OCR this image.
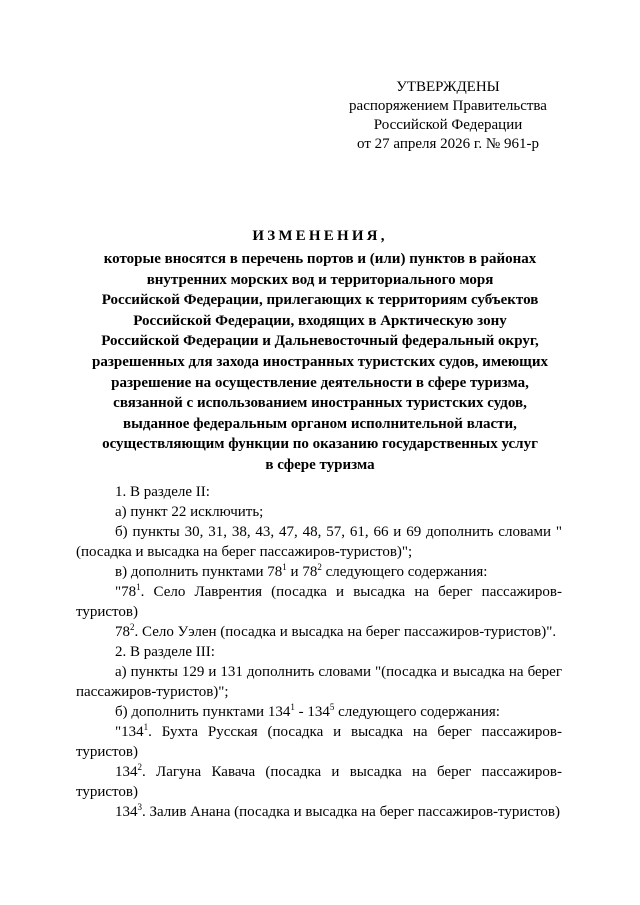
УТВЕРЖДЕНЫ
распоряжением Правительства
Российской Федерации
от 27 апреля 2026 г. № 961-р
ИЗМЕНЕНИЯ,
которые вносятся в перечень портов и (или) пунктов в районах
внутренних морских вод и территориального моря
Российской Федерации, прилегающих к территориям субъектов
Российской Федерации, входящих в Арктическую зону
Российской Федерации и Дальневосточный федеральный округ,
разрешенных для захода иностранных туристских судов, имеющих
разрешение на осуществление деятельности в сфере туризма,
связанной с использованием иностранных туристских судов,
выданное федеральным органом исполнительной власти,
осуществляющим функции по оказанию государственных услуг
в сфере туризма

1. В разделе II:

а) пункт 22 исключить;

б) пункты 30, 31, 38, 43, 47, 48, 57, 61, 66 и 69 дополнить словами "(посадка и высадка на берег пассажиров-туристов)";

в) дополнить пунктами $78^1$ и $78^2$ следующего содержания:

"$78^1$. Село Лаврентия (посадка и высадка на берег пассажиров-туристов)

$78^2$. Село Уэлен (посадка и высадка на берег пассажиров-туристов)".

2. В разделе III:

а) пункты 129 и 131 дополнить словами "(посадка и высадка на берег пассажиров-туристов)";

б) дополнить пунктами $134^1 - 134^5$ следующего содержания:

"$134^1$. Бухта Русская (посадка и высадка на берег пассажиров-туристов)

$134^2$. Лагуна Кавача (посадка и высадка на берег пассажиров-туристов)

$134^3$. Залив Анана (посадка и высадка на берег пассажиров-туристов)
